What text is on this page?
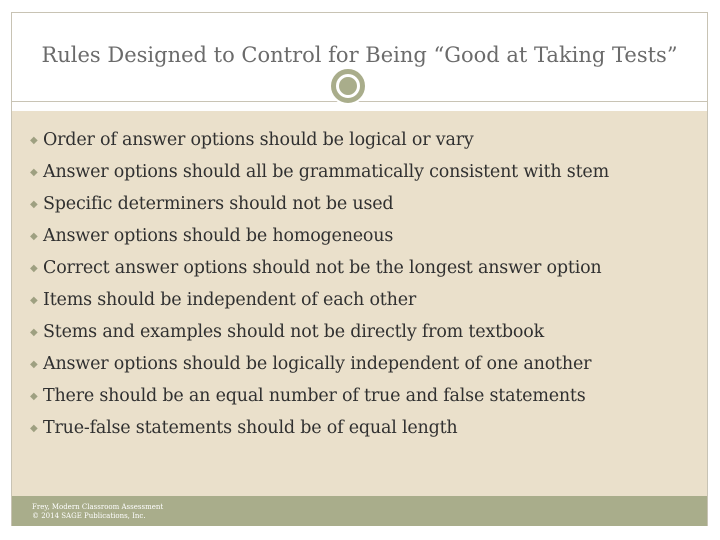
Rules Designed to Control for Being “Good at Taking Tests”
Frey, Modern Classroom Assessment
© 2014 SAGE Publications, Inc.
◆ Order of answer options should be logical or vary
◆ Answer options should all be grammatically consistent with stem
◆ Specific determiners should not be used
◆ Answer options should be homogeneous
◆ Correct answer options should not be the longest answer option
◆ Items should be independent of each other
◆ Stems and examples should not be directly from textbook
◆ Answer options should be logically independent of one another
◆ There should be an equal number of true and false statements
◆ True-false statements should be of equal length
